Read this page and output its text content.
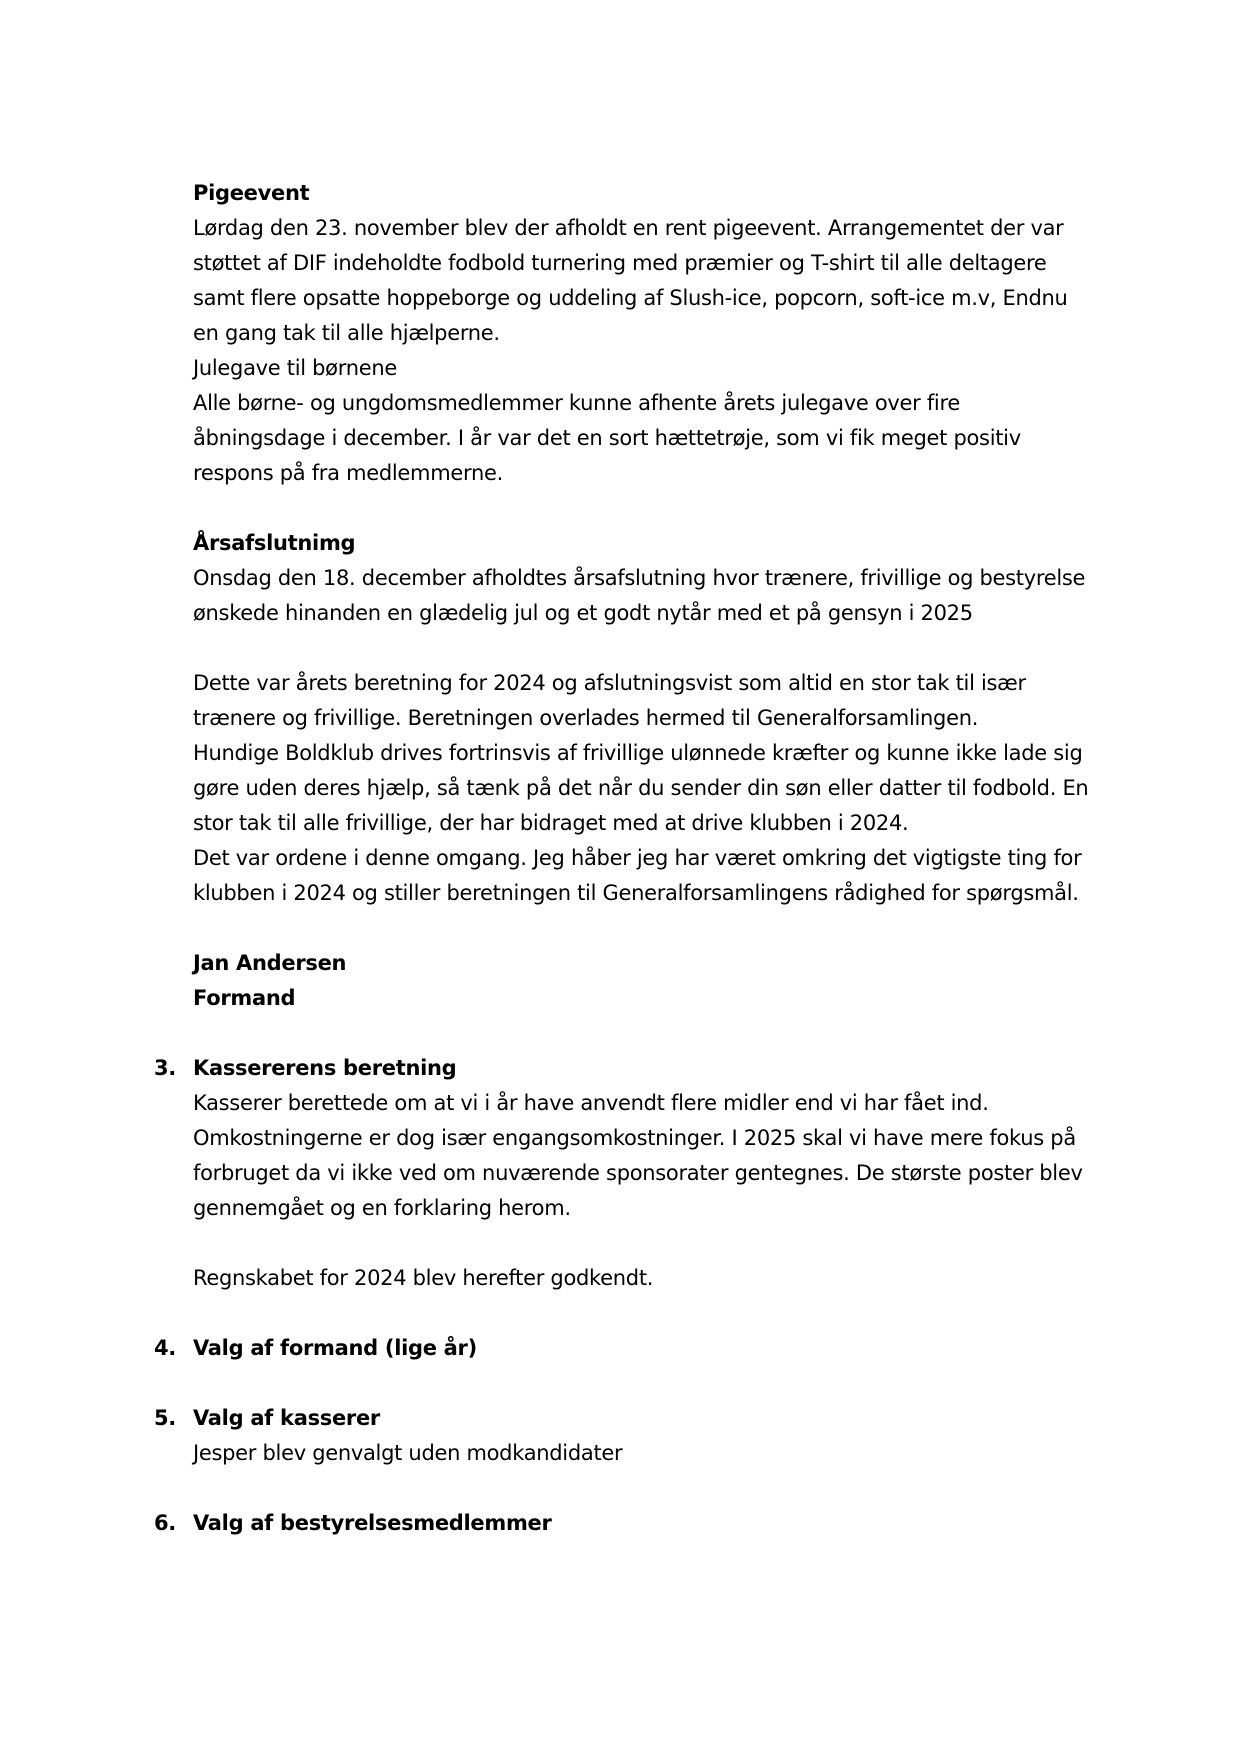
Pigeevent
Lørdag den 23. november blev der afholdt en rent pigeevent. Arrangementet der var
støttet af DIF indeholdte fodbold turnering med præmier og T-shirt til alle deltagere
samt flere opsatte hoppeborge og uddeling af Slush-ice, popcorn, soft-ice m.v, Endnu
en gang tak til alle hjælperne.
Julegave til børnene
Alle børne- og ungdomsmedlemmer kunne afhente årets julegave over fire
åbningsdage i december. I år var det en sort hættetrøje, som vi fik meget positiv
respons på fra medlemmerne.
Årsafslutnimg
Onsdag den 18. december afholdtes årsafslutning hvor trænere, frivillige og bestyrelse
ønskede hinanden en glædelig jul og et godt nytår med et på gensyn i 2025
Dette var årets beretning for 2024 og afslutningsvist som altid en stor tak til især
trænere og frivillige. Beretningen overlades hermed til Generalforsamlingen.
Hundige Boldklub drives fortrinsvis af frivillige ulønnede kræfter og kunne ikke lade sig
gøre uden deres hjælp, så tænk på det når du sender din søn eller datter til fodbold. En
stor tak til alle frivillige, der har bidraget med at drive klubben i 2024.
Det var ordene i denne omgang. Jeg håber jeg har været omkring det vigtigste ting for
klubben i 2024 og stiller beretningen til Generalforsamlingens rådighed for spørgsmål.
Jan Andersen
Formand
3. Kassererens beretning
Kasserer berettede om at vi i år have anvendt flere midler end vi har fået ind.
Omkostningerne er dog især engangsomkostninger. I 2025 skal vi have mere fokus på
forbruget da vi ikke ved om nuværende sponsorater gentegnes. De største poster blev
gennemgået og en forklaring herom.
Regnskabet for 2024 blev herefter godkendt.
4. Valg af formand (lige år)
5. Valg af kasserer
Jesper blev genvalgt uden modkandidater
6. Valg af bestyrelsesmedlemmer
